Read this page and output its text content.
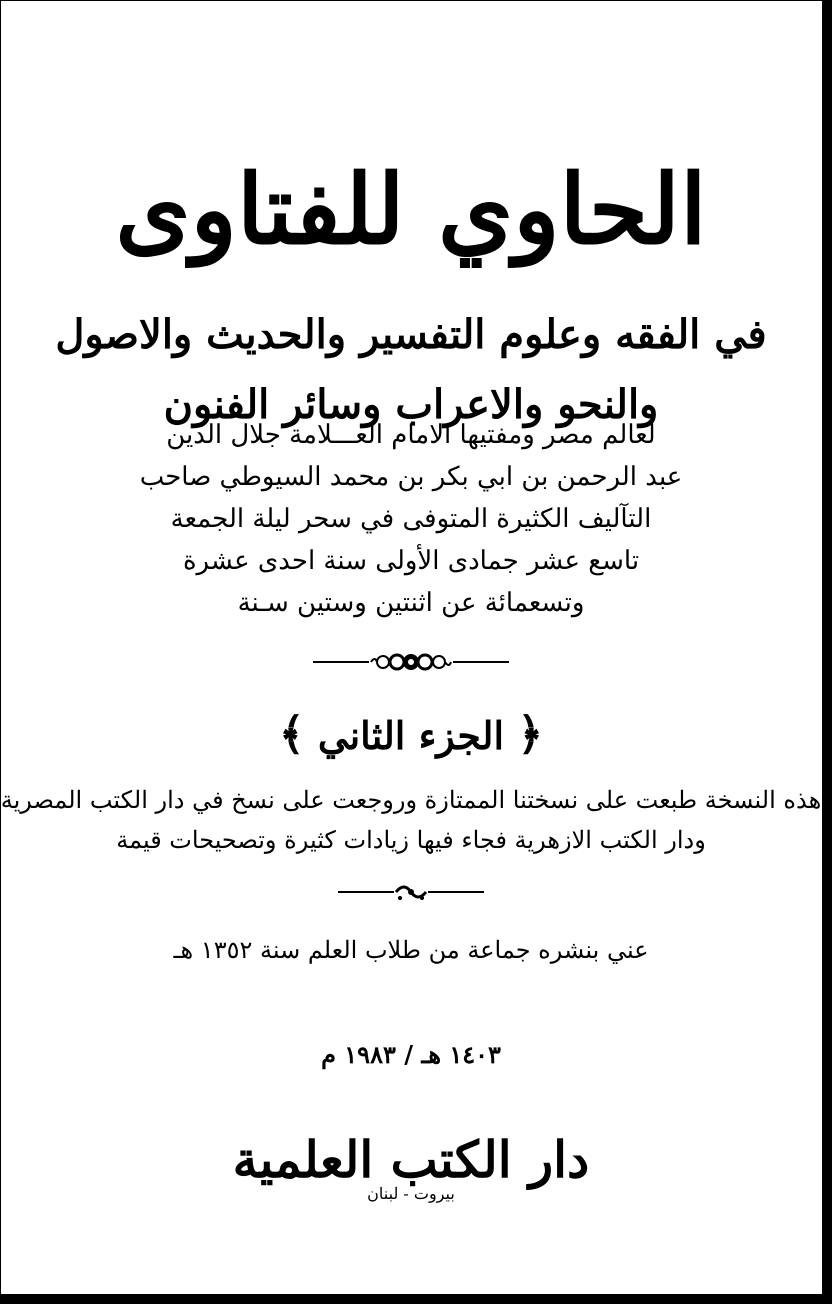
الحاوي للفتاوى
في الفقه وعلوم التفسير والحديث والاصول والنحو والاعراب وسائر الفنون
لعالم مصر ومفتيها الامام العـــلامة جلال الدين
عبد الرحمن بن ابي بكر بن محمد السيوطي صاحب
التآليف الكثيرة المتوفى في سحر ليلة الجمعة
تاسع عشر جمادى الأولى سنة احدى عشرة
وتسعمائة عن اثنتين وستين سـنة
﴿ الجزء الثاني ﴾
هذه النسخة طبعت على نسختنا الممتازة وروجعت على نسخ في دار الكتب المصرية
ودار الكتب الازهرية فجاء فيها زيادات كثيرة وتصحيحات قيمة
عني بنشره جماعة من طلاب العلم سنة ١٣٥٢ هـ
١٤٠٣ هـ / ١٩٨٣ م
دار الكتب العلمية
بيروت - لبنان
